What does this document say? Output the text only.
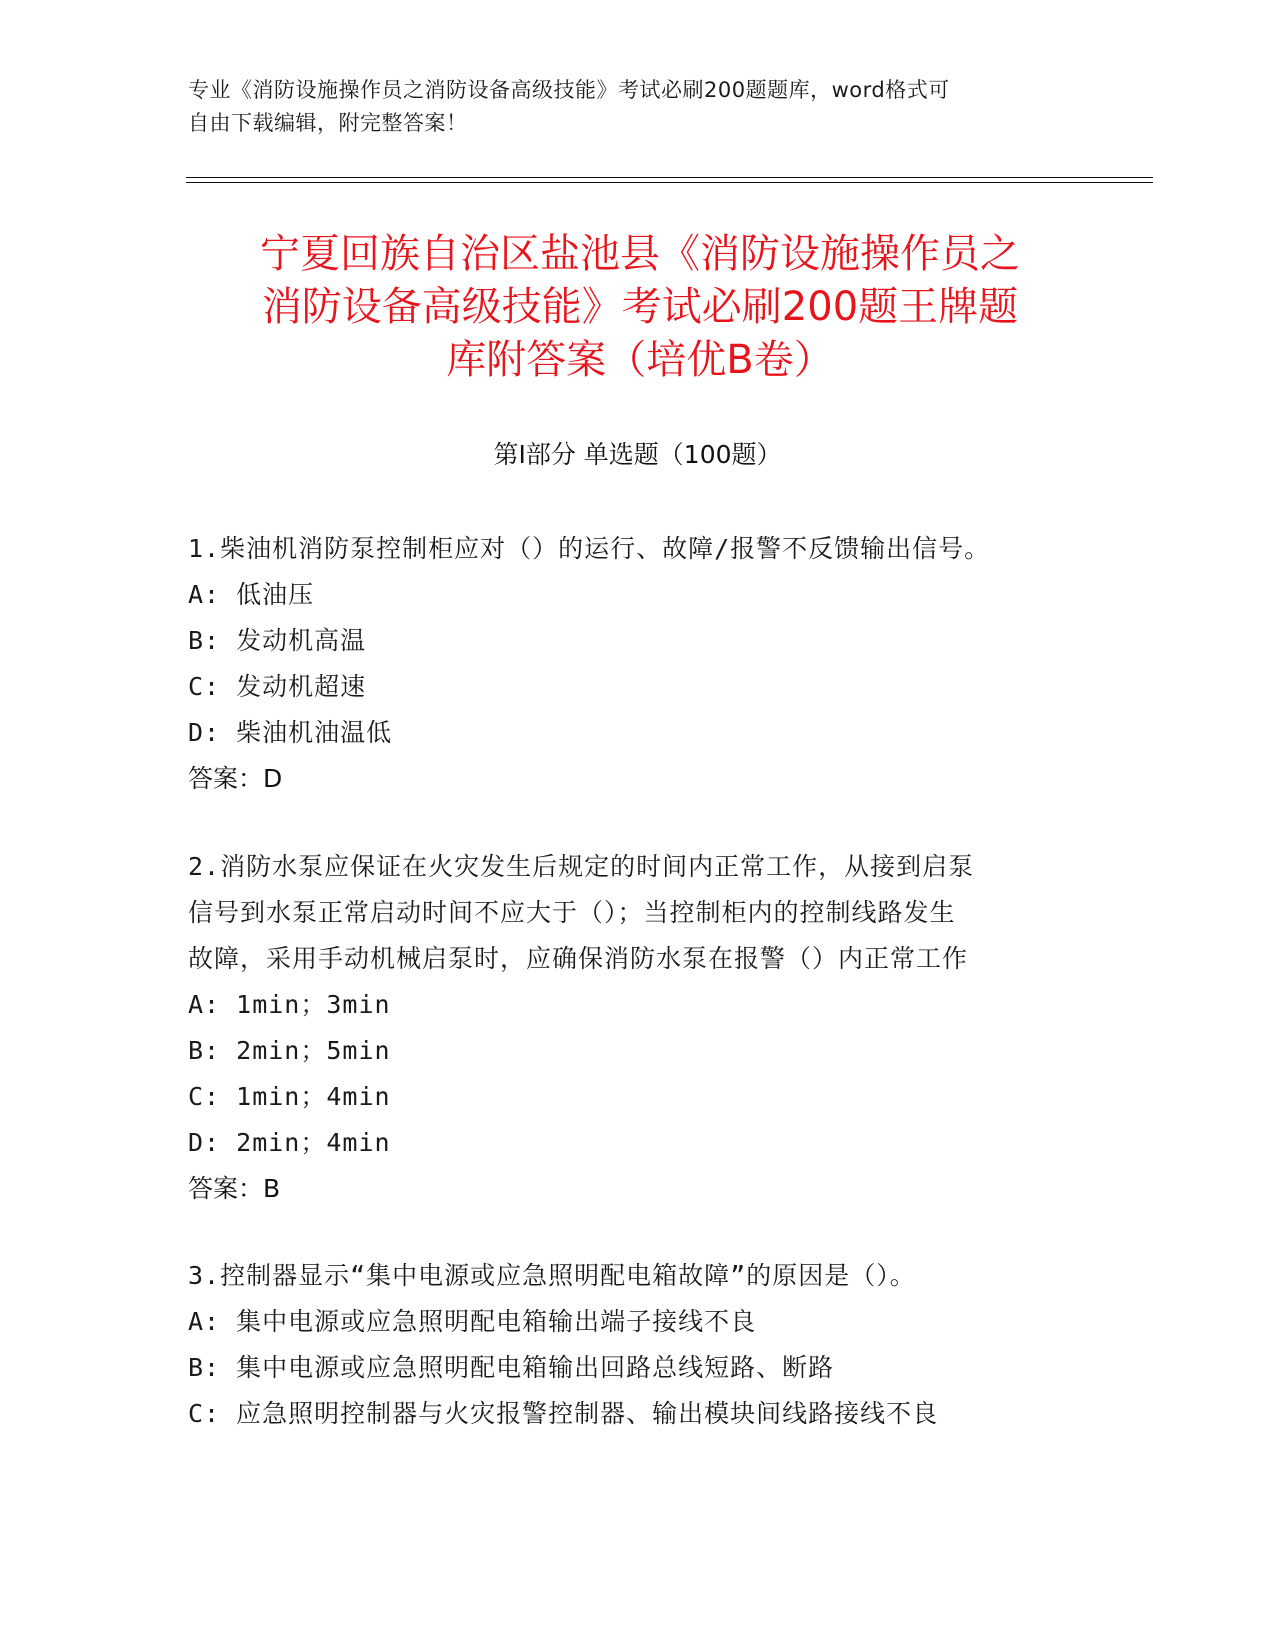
专业《消防设施操作员之消防设备高级技能》考试必刷200题题库，word格式可
自由下载编辑，附完整答案！
宁夏回族自治区盐池县《消防设施操作员之
消防设备高级技能》考试必刷200题王牌题
库附答案（培优B卷）
第Ⅰ部分 单选题（100题）
1.柴油机消防泵控制柜应对（）的运行、故障/报警不反馈输出信号。
A: 低油压
B: 发动机高温
C: 发动机超速
D: 柴油机油温低
答案：D
2.消防水泵应保证在火灾发生后规定的时间内正常工作，从接到启泵
信号到水泵正常启动时间不应大于（）；当控制柜内的控制线路发生
故障，采用手动机械启泵时，应确保消防水泵在报警（）内正常工作
A: 1min；3min
B: 2min；5min
C: 1min；4min
D: 2min；4min
答案：B
3.控制器显示“集中电源或应急照明配电箱故障”的原因是（）。
A: 集中电源或应急照明配电箱输出端子接线不良
B: 集中电源或应急照明配电箱输出回路总线短路、断路
C: 应急照明控制器与火灾报警控制器、输出模块间线路接线不良
